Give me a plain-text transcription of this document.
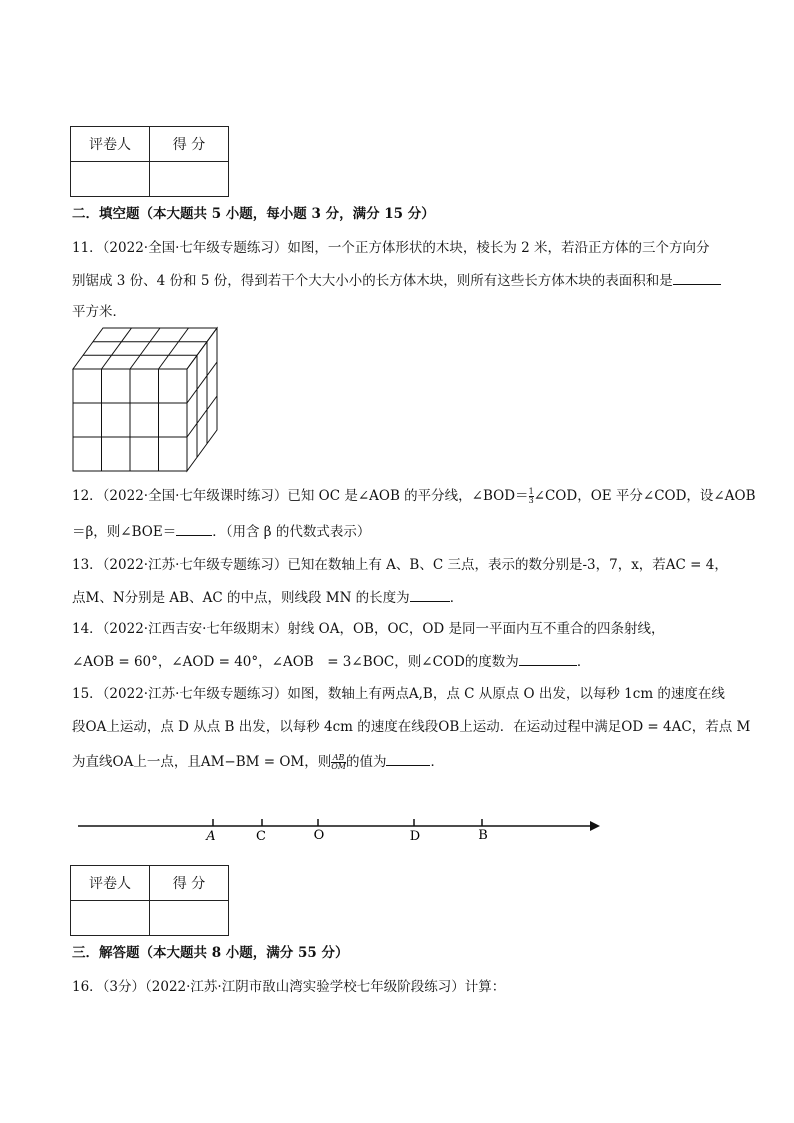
评卷人	得 分

二．填空题（本大题共 5 小题，每小题 3 分，满分 15 分）
11．（2022·全国·七年级专题练习）如图，一个正方体形状的木块，棱长为 2 米，若沿正方体的三个方向分
别锯成 3 份、4 份和 5 份，得到若干个大大小小的长方体木块，则所有这些长方体木块的表面积和是
平方米．
12．（2022·全国·七年级课时练习）已知 OC 是∠AOB 的平分线，∠BOD＝ $\frac{1}{3}$ ∠COD，OE 平分∠COD，设∠AOB
＝β，则∠BOE＝	．（用含 β 的代数式表示）
13．（2022·江苏·七年级专题练习）已知在数轴上有 A、B、C 三点，表示的数分别是-3，7，x，若AC = 4，
点M、N分别是 AB、AC 的中点，则线段 MN 的长度为	．
14．（2022·江西吉安·七年级期末）射线 OA，OB，OC，OD 是同一平面内互不重合的四条射线，
∠AOB = 60°，∠AOD = 40°，∠AOB　= 3∠BOC，则∠COD的度数为	．
15．（2022·江苏·七年级专题练习）如图，数轴上有两点A,B，点 C 从原点 O 出发，以每秒 1cm 的速度在线
段OA上运动，点 D 从点 B 出发，以每秒 4cm 的速度在线段OB上运动．在运动过程中满足OD = 4AC，若点 M
为直线OA上一点，且AM−BM = OM，则 $\frac{AB}{OM}$ 的值为	．
A	C	O	D	B
评卷人	得 分

三．解答题（本大题共 8 小题，满分 55 分）
16．（3分）（2022·江苏·江阴市敔山湾实验学校七年级阶段练习）计算：
